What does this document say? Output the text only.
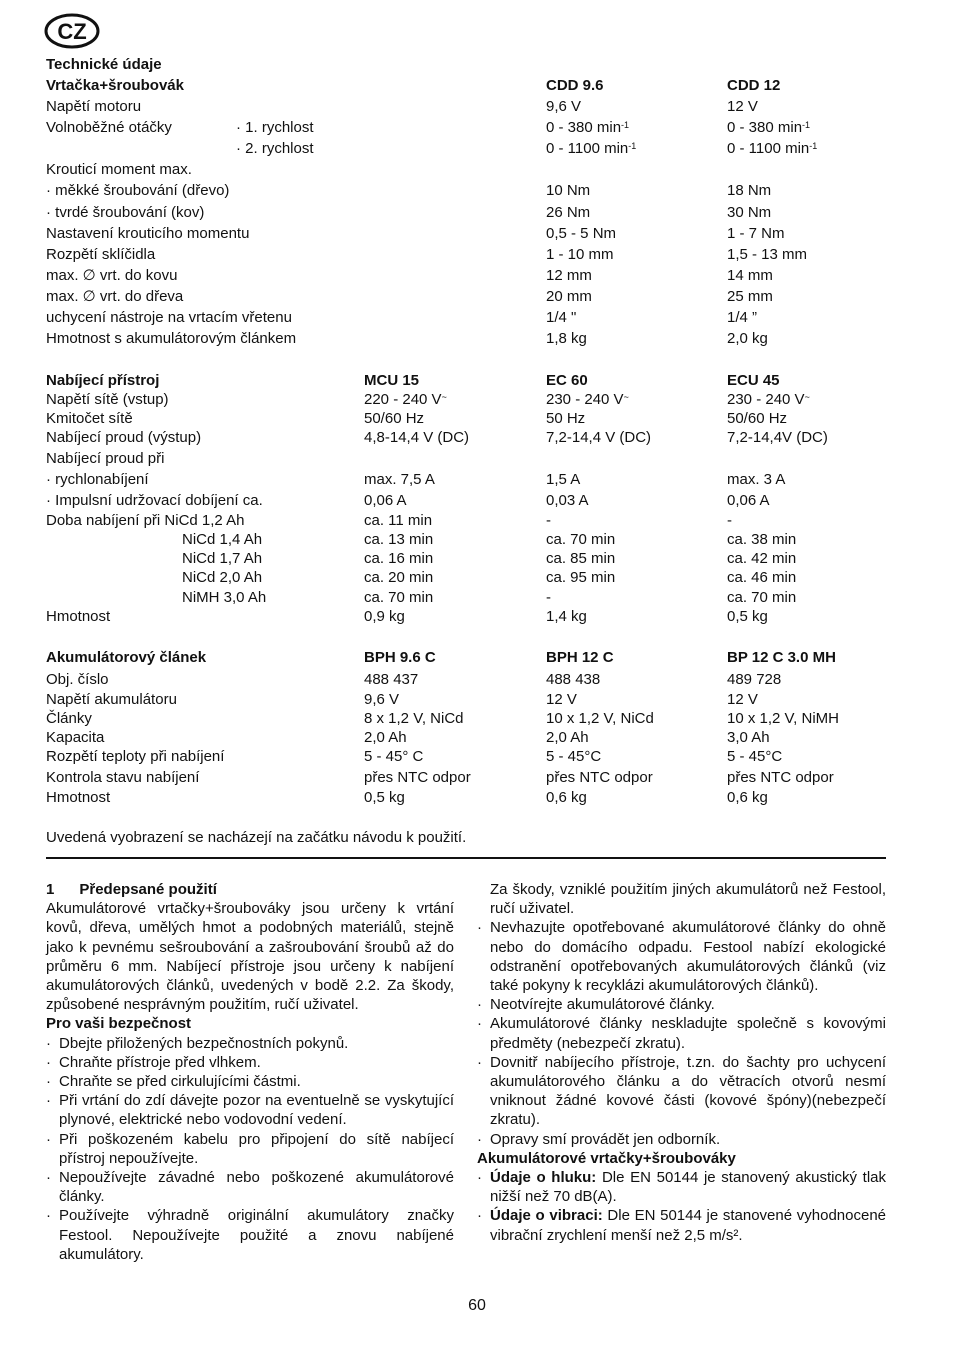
CZ
Technické údaje
Vrtačka+šroubovák	CDD 9.6	CDD 12
Napětí motoru	9,6 V	12 V
Volnoběžné otáčky	· 1. rychlost	0 - 380 $\min^{-1}$	0 - 380 $\min^{-1}$
· 2. rychlost	0 - 1100 $\min^{-1}$	0 - 1100 $\min^{-1}$
Krouticí moment max.
· měkké šroubování (dřevo)	10 Nm	18 Nm
· tvrdé šroubování (kov)	26 Nm	30 Nm
Nastavení krouticího momentu	0,5 - 5 Nm	1 - 7 Nm
Rozpětí sklíčidla	1 - 10 mm	1,5 - 13 mm
max. ∅ vrt. do kovu	12 mm	14 mm
max. ∅ vrt. do dřeva	20 mm	25 mm
uchycení nástroje na vrtacím vřetenu	1/4 "	1/4 ”
Hmotnost s akumulátorovým článkem	1,8 kg	2,0 kg
Nabíjecí přístroj	MCU 15	EC 60	ECU 45
Napětí sítě (vstup)	220 - 240 V~	230 - 240 V~	230 - 240 V~
Kmitočet sítě	50/60 Hz	50 Hz	50/60 Hz
Nabíjecí proud (výstup)	4,8-14,4 V (DC)	7,2-14,4 V (DC)	7,2-14,4V (DC)
Nabíjecí proud při
· rychlonabíjení	max. 7,5 A	1,5 A	max. 3 A
· Impulsní udržovací dobíjení ca.	0,06 A	0,03 A	0,06 A
Doba nabíjení při NiCd 1,2 Ah	ca. 11 min	-	-
NiCd 1,4 Ah	ca. 13 min	ca. 70 min	ca. 38 min
NiCd 1,7 Ah	ca. 16 min	ca. 85 min	ca. 42 min
NiCd 2,0 Ah	ca. 20 min	ca. 95 min	ca. 46 min
NiMH 3,0 Ah	ca. 70 min	-	ca. 70 min
Hmotnost	0,9 kg	1,4 kg	0,5 kg
Akumulátorový článek	BPH 9.6 C	BPH 12 C	BP 12 C 3.0 MH
Obj. číslo	488 437	488 438	489 728
Napětí akumulátoru	9,6 V	12 V	12 V
Články	8 x 1,2 V, NiCd	10 x 1,2 V, NiCd	10 x 1,2 V, NiMH
Kapacita	2,0 Ah	2,0 Ah	3,0 Ah
Rozpětí teploty při nabíjení	5 - 45° C	5 - 45°C	5 - 45°C
Kontrola stavu nabíjení	přes NTC odpor	přes NTC odpor	přes NTC odpor
Hmotnost	0,5 kg	0,6 kg	0,6 kg
Uvedená vyobrazení se nacházejí na začátku návodu k použití.

1      Předepsané použití

Akumulátorové vrtačky+šroubováky jsou určeny k vrtání kovů, dřeva, umělých hmot a podobných materiálů, stejně jako k pevnému sešroubování a zašroubování šroubů až do průměru 6 mm. Nabíjecí přístroje jsou určeny k nabíjení akumulátorových článků, uvedených v bodě 2.2. Za škody, způsobené nesprávným použitím, ručí uživatel.

Pro vaši bezpečnost

· Dbejte přiložených bezpečnostních pokynů.

· Chraňte přístroje před vlhkem.

· Chraňte se před cirkulujícími částmi.

· Při vrtání do zdí dávejte pozor na eventuelně se vyskytující plynové, elektrické nebo vodovodní vedení.

· Při poškozeném kabelu pro připojení do sítě nabíjecí přístroj nepoužívejte.

· Nepoužívejte závadné nebo poškozené akumulátorové články.

· Používejte výhradně originální akumulátory značky Festool. Nepoužívejte použité a znovu nabíjené akumulátory.

Za škody, vzniklé použitím jiných akumulátorů než Festool, ručí uživatel.

· Nevhazujte opotřebované akumulátorové články do ohně nebo do domácího odpadu. Festool nabízí ekologické odstranění opotřebovaných akumulátorových článků (viz také pokyny k recyklázi akumulátorových článků).

· Neotvírejte akumulátorové články.

· Akumulátorové články neskladujte společně s kovovými předměty (nebezpečí zkratu).

· Dovnitř nabíjecího přístroje, t.zn. do šachty pro uchycení akumulátorového článku a do větracích otvorů nesmí vniknout žádné kovové části (kovové špóny)(nebezpečí zkratu).

· Opravy smí provádět jen odborník.

Akumulátorové vrtačky+šroubováky

· Údaje o hluku: Dle EN 50144 je stanovený akustický tlak nižší než 70 dB(A).

· Údaje o vibraci: Dle EN 50144 je stanovené vyhodnocené vibrační zrychlení menší než 2,5 m/s².

60
